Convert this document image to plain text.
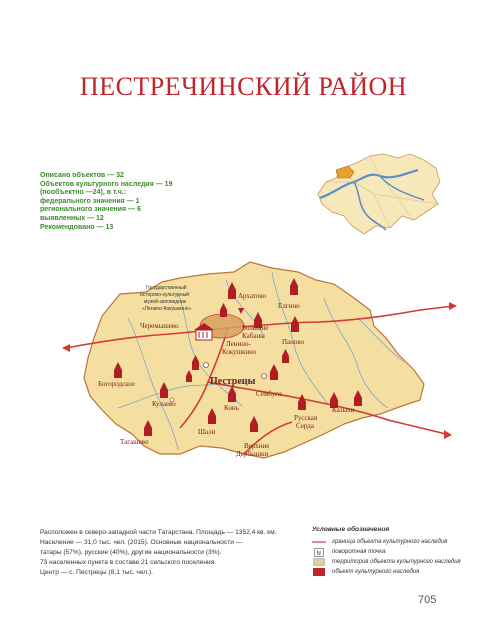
ПЕСТРЕЧИНСКИЙ РАЙОН
Описано объектов — 32
Объектов культурного наследия — 19
(пообъектно —24), в т.ч.:
федерального значения — 1
регионального значения — 6
выявленных — 12
Рекомендовано — 13
Государственный
историко-культурный
музей-заповедник
«Ленино-Кокушкино»
Архатово
Елгино
Черемышево	Большие
Кабаны
Ленино-
Кокушкино
Пановo
Богородское
Кулаево	Конь
Сембуги
Русская
Серда
Казыли
Тагашево
Шали
Верхние
Дербышки
Пестрецы
Расположен в северо-западной части Татарстана. Площадь — 1352,4 кв. км.
Население — 31,0 тыс. чел. (2015). Основные национальности —
татары (57%), русские (40%), другие национальности (3%).
73 населенных пункта в составе 21 сельского поселения.
Центр — с. Пестрецы (8,1 тыс. чел.).
Условные обозначения
граница объекта культурного наследия
N поворотная точка
территория объекта культурного наследия
объект культурного наследия
705
